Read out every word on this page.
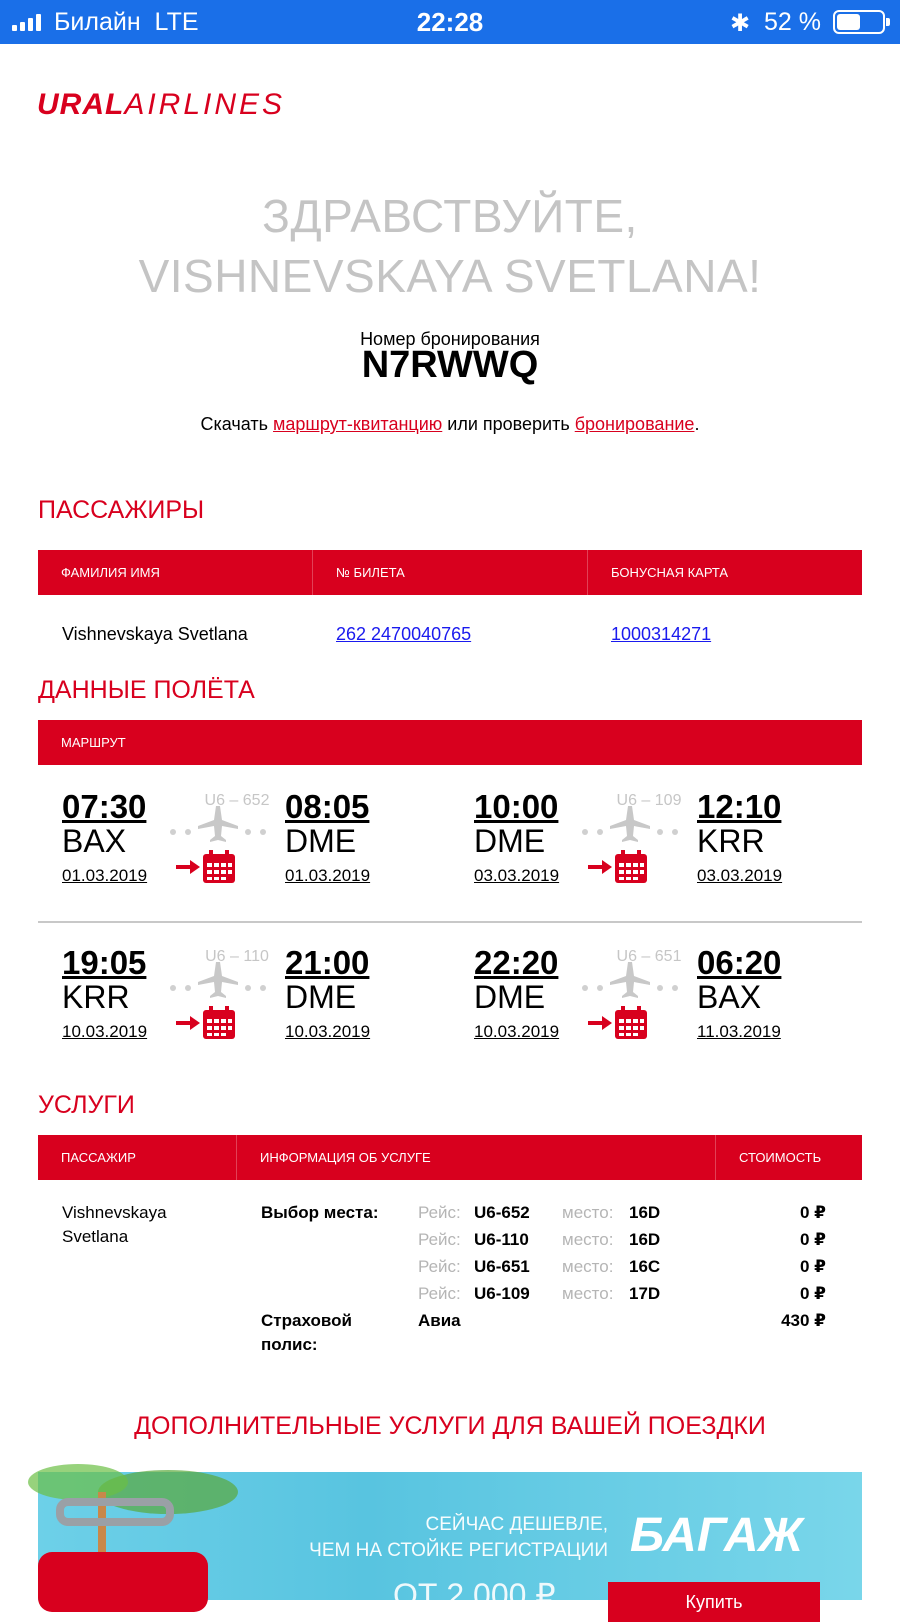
Билайн LTE	22:28	✱ 52 %
URALAIRLINES
ЗДРАВСТВУЙТЕ,
VISHNEVSKAYA SVETLANA!
Номер бронирования
N7RWWQ
Скачать маршрут-квитанцию или проверить бронирование.
ПАССАЖИРЫ
ФАМИЛИЯ ИМЯ	№ БИЛЕТА	БОНУСНАЯ КАРТА
Vishnevskaya Svetlana	262 2470040765	1000314271
ДАННЫЕ ПОЛЁТА
МАРШРУТ
07:30
BAX
01.03.2019
U6 – 652 08:05
DME
01.03.2019
10:00
DME
03.03.2019
U6 – 109 12:10
KRR
03.03.2019
19:05
KRR
10.03.2019
U6 – 110 21:00
DME
10.03.2019
22:20
DME
10.03.2019
U6 – 651 06:20
BAX
11.03.2019
УСЛУГИ
ПАССАЖИР	ИНФОРМАЦИЯ ОБ УСЛУГЕ	СТОИМОСТЬ
Vishnevskaya
Svetlana
Выбор места: Рейс: U6-652 место: 16D	0 ₽
Рейс: U6-110 место: 16D	0 ₽
Рейс: U6-651 место: 16C	0 ₽
Рейс: U6-109 место: 17D	0 ₽
Страховой
полис:
Авиа	430 ₽
ДОПОЛНИТЕЛЬНЫЕ УСЛУГИ ДЛЯ ВАШЕЙ ПОЕЗДКИ
СЕЙЧАС ДЕШЕВЛЕ,
ЧЕМ НА СТОЙКЕ РЕГИСТРАЦИИ БАГАЖ
ОТ 2 000 ₽	Купить
